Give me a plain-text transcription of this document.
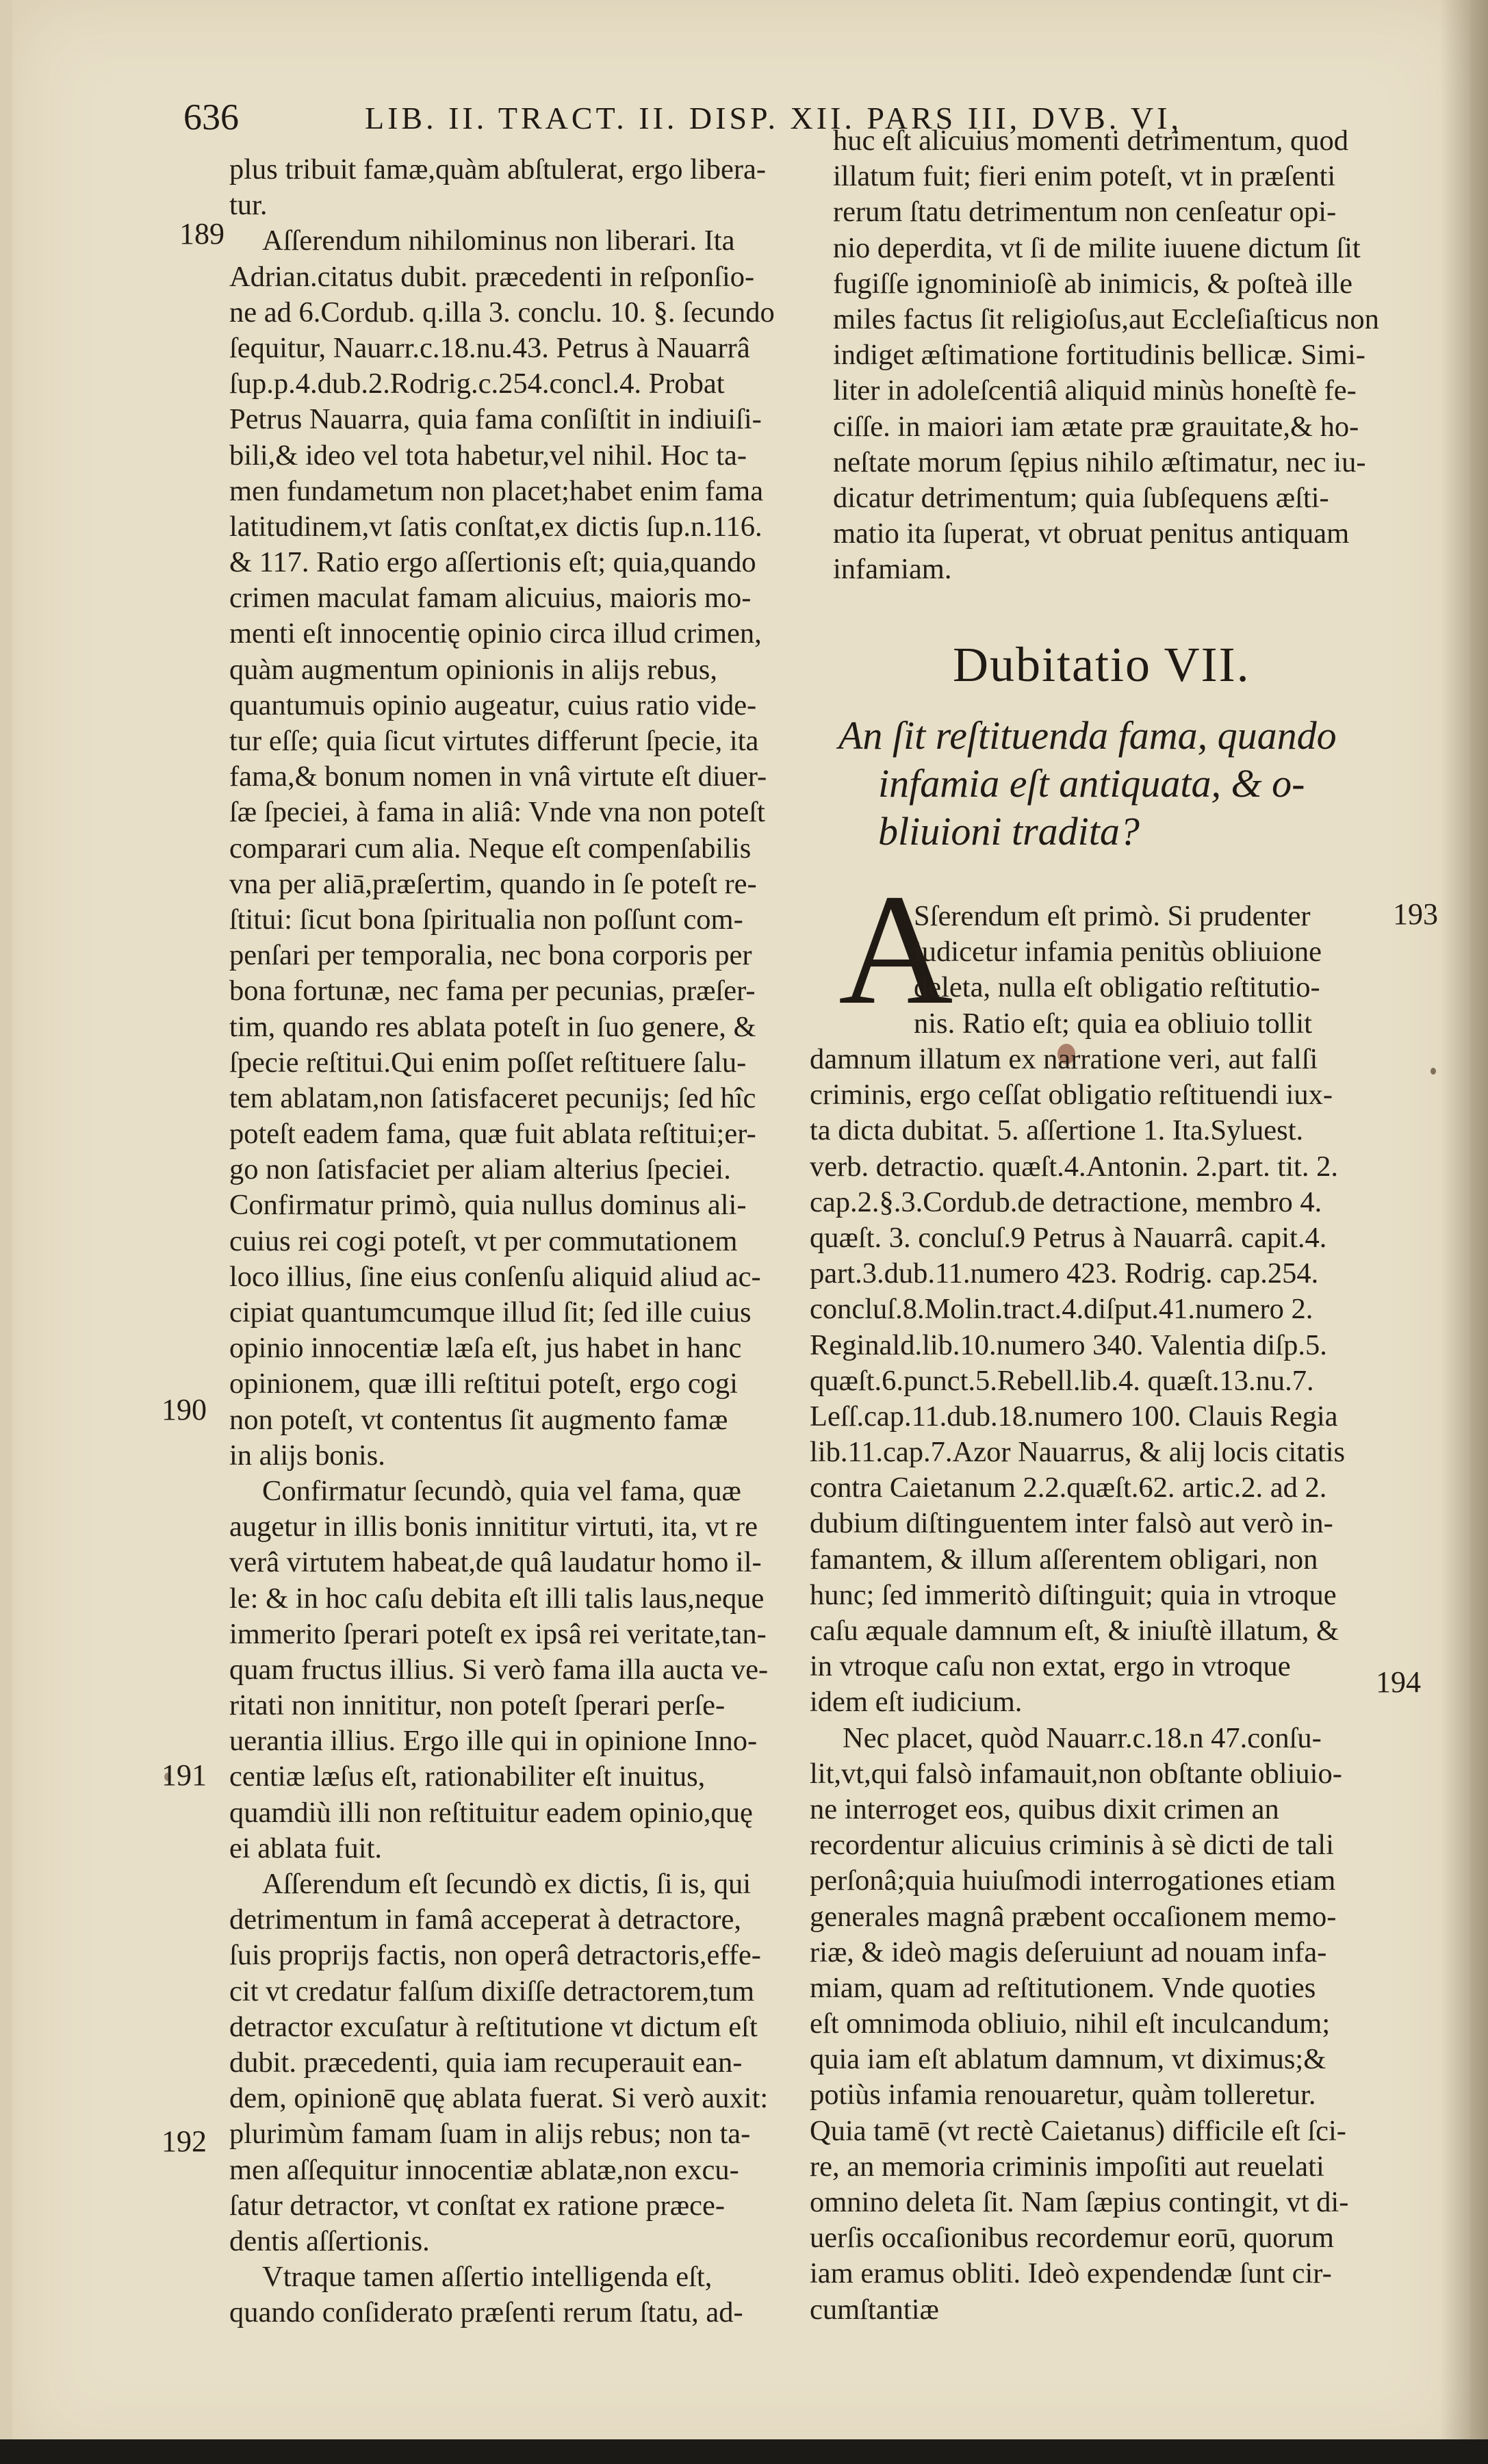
636	LIB. II. TRACT. II. DISP. XII. PARS III, DVB. VI,
plus tribuit famæ,quàm abſtulerat, ergo libera-
tur.
Aſſerendum nihilominus non liberari. Ita
Adrian.citatus dubit. præcedenti in reſponſio-
ne ad 6.Cordub. q.illa 3. conclu. 10. §. ſecundo
ſequitur, Nauarr.c.18.nu.43. Petrus à Nauarrâ
ſup.p.4.dub.2.Rodrig.c.254.concl.4. Probat
Petrus Nauarra, quia fama conſiſtit in indiuiſi-
bili,& ideo vel tota habetur,vel nihil. Hoc ta-
men fundametum non placet;habet enim fama
latitudinem,vt ſatis conſtat,ex dictis ſup.n.116.
& 117. Ratio ergo aſſertionis eſt; quia,quando
crimen maculat famam alicuius, maioris mo-
menti eſt innocentię opinio circa illud crimen,
quàm augmentum opinionis in alijs rebus,
quantumuis opinio augeatur, cuius ratio vide-
tur eſſe; quia ſicut virtutes differunt ſpecie, ita
fama,& bonum nomen in vnâ virtute eſt diuer-
ſæ ſpeciei, à fama in aliâ: Vnde vna non poteſt
comparari cum alia. Neque eſt compenſabilis
vna per aliā,præſertim, quando in ſe poteſt re-
ſtitui: ſicut bona ſpiritualia non poſſunt com-
penſari per temporalia, nec bona corporis per
bona fortunæ, nec fama per pecunias, præſer-
tim, quando res ablata poteſt in ſuo genere, &
ſpecie reſtitui.Qui enim poſſet reſtituere ſalu-
tem ablatam,non ſatisfaceret pecunijs; ſed hîc
poteſt eadem fama, quæ fuit ablata reſtitui;er-
go non ſatisfaciet per aliam alterius ſpeciei.
Confirmatur primò, quia nullus dominus ali-
cuius rei cogi poteſt, vt per commutationem
loco illius, ſine eius conſenſu aliquid aliud ac-
cipiat quantumcumque illud ſit; ſed ille cuius
opinio innocentiæ læſa eſt, jus habet in hanc
opinionem, quæ illi reſtitui poteſt, ergo cogi
non poteſt, vt contentus ſit augmento famæ
in alijs bonis.
Confirmatur ſecundò, quia vel fama, quæ
augetur in illis bonis innititur virtuti, ita, vt re
verâ virtutem habeat,de quâ laudatur homo il-
le: & in hoc caſu debita eſt illi talis laus,neque
immerito ſperari poteſt ex ipsâ rei veritate,tan-
quam fructus illius. Si verò fama illa aucta ve-
ritati non innititur, non poteſt ſperari perſe-
uerantia illius. Ergo ille qui in opinione Inno-
centiæ læſus eſt, rationabiliter eſt inuitus,
quamdiù illi non reſtituitur eadem opinio,quę
ei ablata fuit.
Aſſerendum eſt ſecundò ex dictis, ſi is, qui
detrimentum in famâ acceperat à detractore,
ſuis proprijs factis, non operâ detractoris,effe-
cit vt credatur falſum dixiſſe detractorem,tum
detractor excuſatur à reſtitutione vt dictum eſt
dubit. præcedenti, quia iam recuperauit ean-
dem, opinionē quę ablata fuerat. Si verò auxit:
plurimùm famam ſuam in alijs rebus; non ta-
men aſſequitur innocentiæ ablatæ,non excu-
ſatur detractor, vt conſtat ex ratione præce-
dentis aſſertionis.
Vtraque tamen aſſertio intelligenda eſt,
quando conſiderato præſenti rerum ſtatu, ad-
189
190
191
192
huc eſt alicuius momenti detrimentum, quod
illatum fuit; fieri enim poteſt, vt in præſenti
rerum ſtatu detrimentum non cenſeatur opi-
nio deperdita, vt ſi de milite iuuene dictum ſit
fugiſſe ignominioſè ab inimicis, & poſteà ille
miles factus ſit religioſus,aut Eccleſiaſticus non
indiget æſtimatione fortitudinis bellicæ. Simi-
liter in adoleſcentiâ aliquid minùs honeſtè fe-
ciſſe. in maiori iam ætate præ grauitate,& ho-
neſtate morum ſępius nihilo æſtimatur, nec iu-
dicatur detrimentum; quia ſubſequens æſti-
matio ita ſuperat, vt obruat penitus antiquam
infamiam.
Dubitatio VII.
An ſit reſtituenda fama, quando
infamia eſt antiquata, & o-
bliuioni tradita?
A
Sſerendum eſt primò. Si prudenter
iudicetur infamia penitùs obliuione
deleta, nulla eſt obligatio reſtitutio-
nis. Ratio eſt; quia ea obliuio tollit
damnum illatum ex narratione veri, aut falſi
criminis, ergo ceſſat obligatio reſtituendi iux-
ta dicta dubitat. 5. aſſertione 1. Ita.Syluest.
verb. detractio. quæſt.4.Antonin. 2.part. tit. 2.
cap.2.§.3.Cordub.de detractione, membro 4.
quæſt. 3. concluſ.9 Petrus à Nauarrâ. capit.4.
part.3.dub.11.numero 423. Rodrig. cap.254.
concluſ.8.Molin.tract.4.diſput.41.numero 2.
Reginald.lib.10.numero 340. Valentia diſp.5.
quæſt.6.punct.5.Rebell.lib.4. quæſt.13.nu.7.
Leſſ.cap.11.dub.18.numero 100. Clauis Regia
lib.11.cap.7.Azor Nauarrus, & alij locis citatis
contra Caietanum 2.2.quæſt.62. artic.2. ad 2.
dubium diſtinguentem inter falsò aut verò in-
famantem, & illum aſſerentem obligari, non
hunc; ſed immeritò diſtinguit; quia in vtroque
caſu æquale damnum eſt, & iniuſtè illatum, &
in vtroque caſu non extat, ergo in vtroque
idem eſt iudicium.
Nec placet, quòd Nauarr.c.18.n 47.conſu-
lit,vt,qui falsò infamauit,non obſtante obliuio-
ne interroget eos, quibus dixit crimen an
recordentur alicuius criminis à sè dicti de tali
perſonâ;quia huiuſmodi interrogationes etiam
generales magnâ præbent occaſionem memo-
riæ, & ideò magis deſeruiunt ad nouam infa-
miam, quam ad reſtitutionem. Vnde quoties
eſt omnimoda obliuio, nihil eſt inculcandum;
quia iam eſt ablatum damnum, vt diximus;&
potiùs infamia renouaretur, quàm tolleretur.
Quia tamē (vt rectè Caietanus) difficile eſt ſci-
re, an memoria criminis impoſiti aut reuelati
omnino deleta ſit. Nam ſæpius contingit, vt di-
uerſis occaſionibus recordemur eorū, quorum
iam eramus obliti. Ideò expendendæ ſunt cir-
cumſtantiæ
193
194
